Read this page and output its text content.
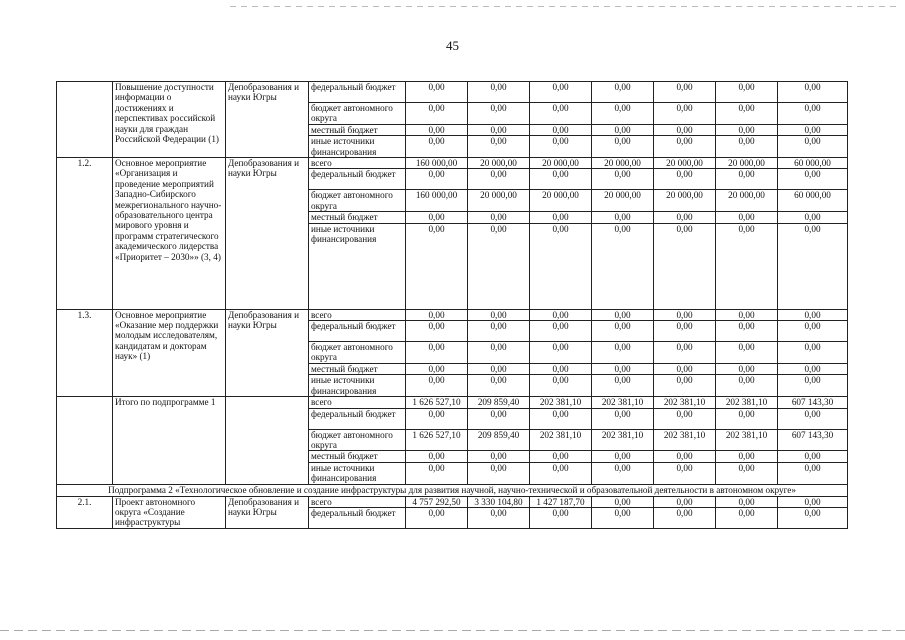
45
	Повышение доступности информации о достижениях и перспективах российской науки для граждан Российской Федерации (1)	Депобразования и науки Югры	федеральный бюджет	0,00	0,00	0,00	0,00	0,00	0,00	0,00
			бюджет автономного округа	0,00	0,00	0,00	0,00	0,00	0,00	0,00
			местный бюджет	0,00	0,00	0,00	0,00	0,00	0,00	0,00
			иные источники финансирования	0,00	0,00	0,00	0,00	0,00	0,00	0,00
1.2.	Основное мероприятие «Организация и проведение мероприятий Западно-Сибирского межрегионального научно-образовательного центра мирового уровня и программ стратегического академического лидерства «Приоритет – 2030»» (3, 4)	Депобразования и науки Югры	всего	160 000,00	20 000,00	20 000,00	20 000,00	20 000,00	20 000,00	60 000,00
			федеральный бюджет	0,00	0,00	0,00	0,00	0,00	0,00	0,00
			бюджет автономного округа	160 000,00	20 000,00	20 000,00	20 000,00	20 000,00	20 000,00	60 000,00
			местный бюджет	0,00	0,00	0,00	0,00	0,00	0,00	0,00
			иные источники финансирования	0,00	0,00	0,00	0,00	0,00	0,00	0,00
1.3.	Основное мероприятие «Оказание мер поддержки молодым исследователям, кандидатам и докторам наук» (1)	Депобразования и науки Югры	всего	0,00	0,00	0,00	0,00	0,00	0,00	0,00
			федеральный бюджет	0,00	0,00	0,00	0,00	0,00	0,00	0,00
			бюджет автономного округа	0,00	0,00	0,00	0,00	0,00	0,00	0,00
			местный бюджет	0,00	0,00	0,00	0,00	0,00	0,00	0,00
			иные источники финансирования	0,00	0,00	0,00	0,00	0,00	0,00	0,00
	Итого по подпрограмме 1		всего	1 626 527,10	209 859,40	202 381,10	202 381,10	202 381,10	202 381,10	607 143,30
			федеральный бюджет	0,00	0,00	0,00	0,00	0,00	0,00	0,00
			бюджет автономного округа	1 626 527,10	209 859,40	202 381,10	202 381,10	202 381,10	202 381,10	607 143,30
			местный бюджет	0,00	0,00	0,00	0,00	0,00	0,00	0,00
			иные источники финансирования	0,00	0,00	0,00	0,00	0,00	0,00	0,00
Подпрограмма 2 «Технологическое обновление и создание инфраструктуры для развития научной, научно-технической и образовательной деятельности в автономном округе»										
2.1.	Проект автономного округа «Создание инфраструктуры	Депобразования и науки Югры	всего	4 757 292,50	3 330 104,80	1 427 187,70	0,00	0,00	0,00	0,00
			федеральный бюджет	0,00	0,00	0,00	0,00	0,00	0,00	0,00
